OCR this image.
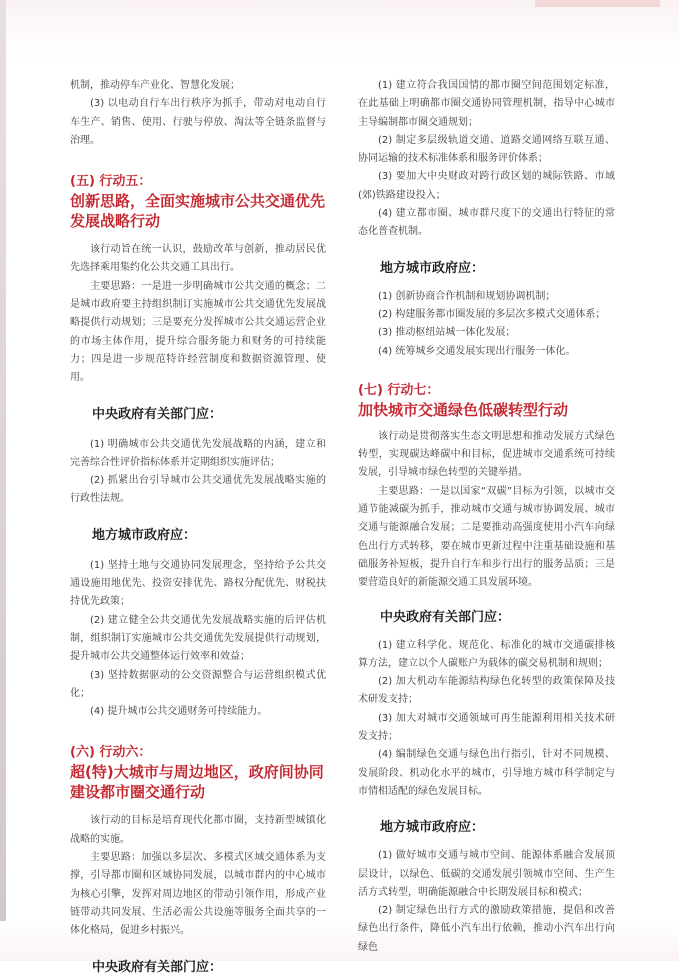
机制，推动停车产业化、智慧化发展；

(3) 以电动自行车出行秩序为抓手，带动对电动自行车生产、销售、使用、行驶与停放、淘汰等全链条监督与治理。

(五) 行动五：
创新思路，全面实施城市公共交通优先发展战略行动

该行动旨在统一认识，鼓励改革与创新，推动居民优先选择乘用集约化公共交通工具出行。

主要思路：一是进一步明确城市公共交通的概念；二是城市政府要主持组织制订实施城市公共交通优先发展战略提供行动规划；三是要充分发挥城市公共交通运营企业的市场主体作用，提升综合服务能力和财务的可持续能力；四是进一步规范特许经营制度和数据资源管理、使用。

中央政府有关部门应：

(1) 明确城市公共交通优先发展战略的内涵，建立和完善综合性评价指标体系并定期组织实施评估；

(2) 抓紧出台引导城市公共交通优先发展战略实施的行政性法规。

地方城市政府应：

(1) 坚持土地与交通协同发展理念，坚持给予公共交通设施用地优先、投资安排优先、路权分配优先、财税扶持优先政策；

(2) 建立健全公共交通优先发展战略实施的后评估机制，组织制订实施城市公共交通优先发展提供行动规划，提升城市公共交通整体运行效率和效益；

(3) 坚持数据驱动的公交资源整合与运营组织模式优化；

(4) 提升城市公共交通财务可持续能力。

(六) 行动六：
超(特)大城市与周边地区，政府间协同建设都市圈交通行动

该行动的目标是培育现代化都市圈，支持新型城镇化战略的实施。

主要思路：加强以多层次、多模式区域交通体系为支撑，引导都市圈和区域协同发展，以城市群内的中心城市为核心引擎，发挥对周边地区的带动引领作用，形成产业链带动共同发展、生活必需公共设施等服务全面共享的一体化格局，促进乡村振兴。

中央政府有关部门应：

(1) 建立符合我国国情的都市圈空间范围划定标准，在此基础上明确都市圈交通协同管理机制，指导中心城市主导编制都市圈交通规划；

(2) 制定多层级轨道交通、道路交通网络互联互通、协同运输的技术标准体系和服务评价体系；

(3) 要加大中央财政对跨行政区划的城际铁路、市域(郊)铁路建设投入；

(4) 建立都市圈、城市群尺度下的交通出行特征的常态化普查机制。

地方城市政府应：

(1) 创新协商合作机制和规划协调机制；

(2) 构建服务都市圈发展的多层次多模式交通体系；

(3) 推动枢纽站城一体化发展；

(4) 统筹城乡交通发展实现出行服务一体化。

(七) 行动七：
加快城市交通绿色低碳转型行动

该行动是贯彻落实生态文明思想和推动发展方式绿色转型，实现碳达峰碳中和目标，促进城市交通系统可持续发展，引导城市绿色转型的关键举措。

主要思路：一是以国家“双碳”目标为引领，以城市交通节能减碳为抓手，推动城市交通与城市协调发展、城市交通与能源融合发展；二是要推动高强度使用小汽车向绿色出行方式转移，要在城市更新过程中注重基础设施和基础服务补短板，提升自行车和步行出行的服务品质；三是要营造良好的新能源交通工具发展环境。

中央政府有关部门应：

(1) 建立科学化、规范化、标准化的城市交通碳排核算方法，建立以个人碳账户为载体的碳交易机制和规则；

(2) 加大机动车能源结构绿色化转型的政策保障及技术研发支持；

(3) 加大对城市交通领域可再生能源利用相关技术研发支持；

(4) 编制绿色交通与绿色出行指引，针对不同规模、发展阶段、机动化水平的城市，引导地方城市科学制定与市情相适配的绿色发展目标。

地方城市政府应：

(1) 做好城市交通与城市空间、能源体系融合发展顶层设计，以绿色、低碳的交通发展引领城市空间、生产生活方式转型，明确能源融合中长期发展目标和模式；

(2) 制定绿色出行方式的激励政策措施，提倡和改善绿色出行条件，降低小汽车出行依赖，推动小汽车出行向绿色
